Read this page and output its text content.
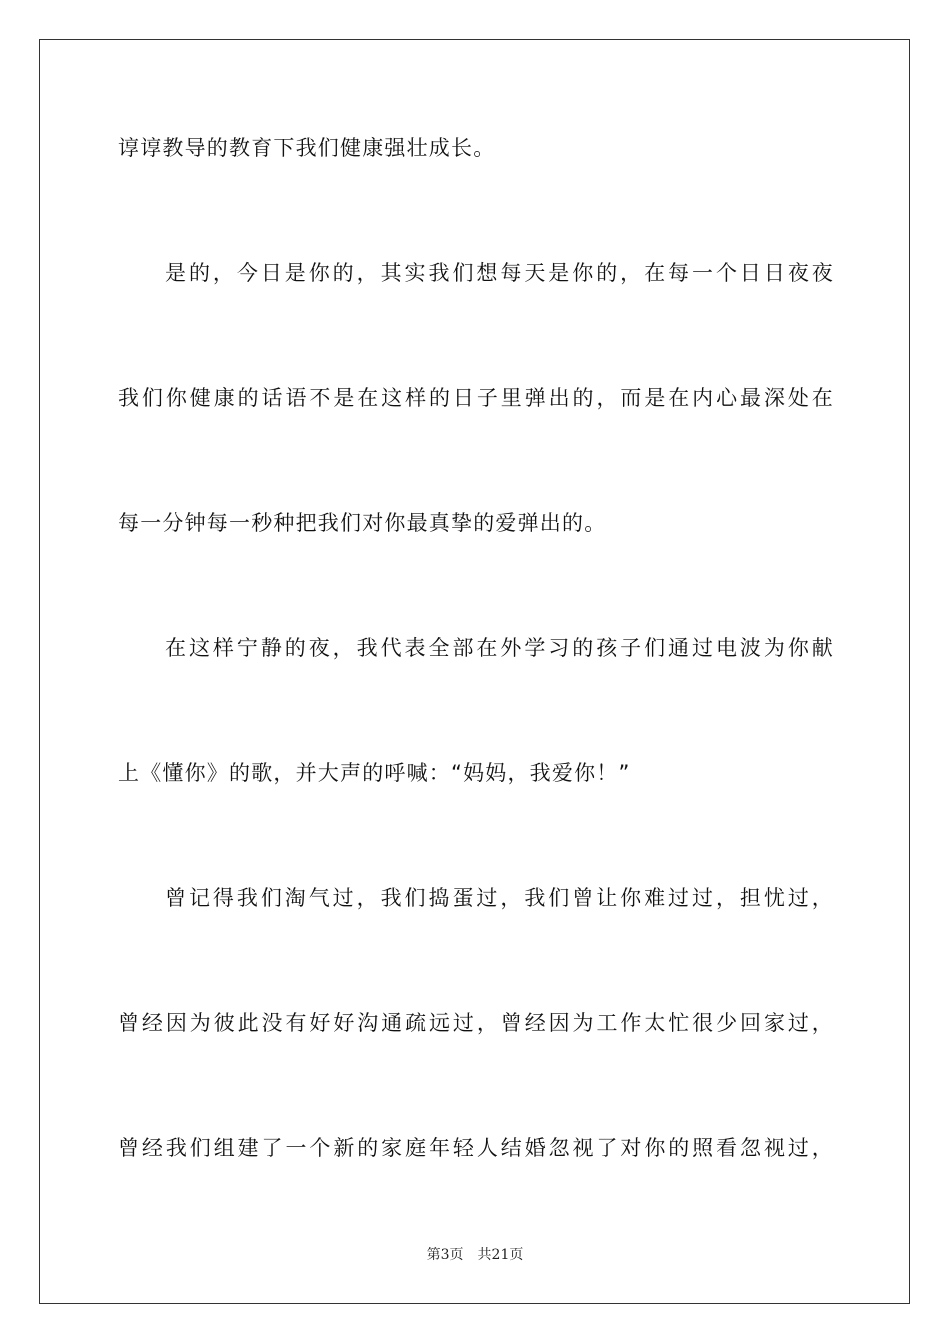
谆谆教导的教育下我们健康强壮成长。
是的，今日是你的，其实我们想每天是你的，在每一个日日夜夜
我们你健康的话语不是在这样的日子里弹出的，而是在内心最深处在
每一分钟每一秒种把我们对你最真挚的爱弹出的。
在这样宁静的夜，我代表全部在外学习的孩子们通过电波为你献
上《懂你》的歌，并大声的呼喊：“妈妈，我爱你！”
曾记得我们淘气过，我们捣蛋过，我们曾让你难过过，担忧过，
曾经因为彼此没有好好沟通疏远过，曾经因为工作太忙很少回家过，
曾经我们组建了一个新的家庭年轻人结婚忽视了对你的照看忽视过，
第3页 共21页
